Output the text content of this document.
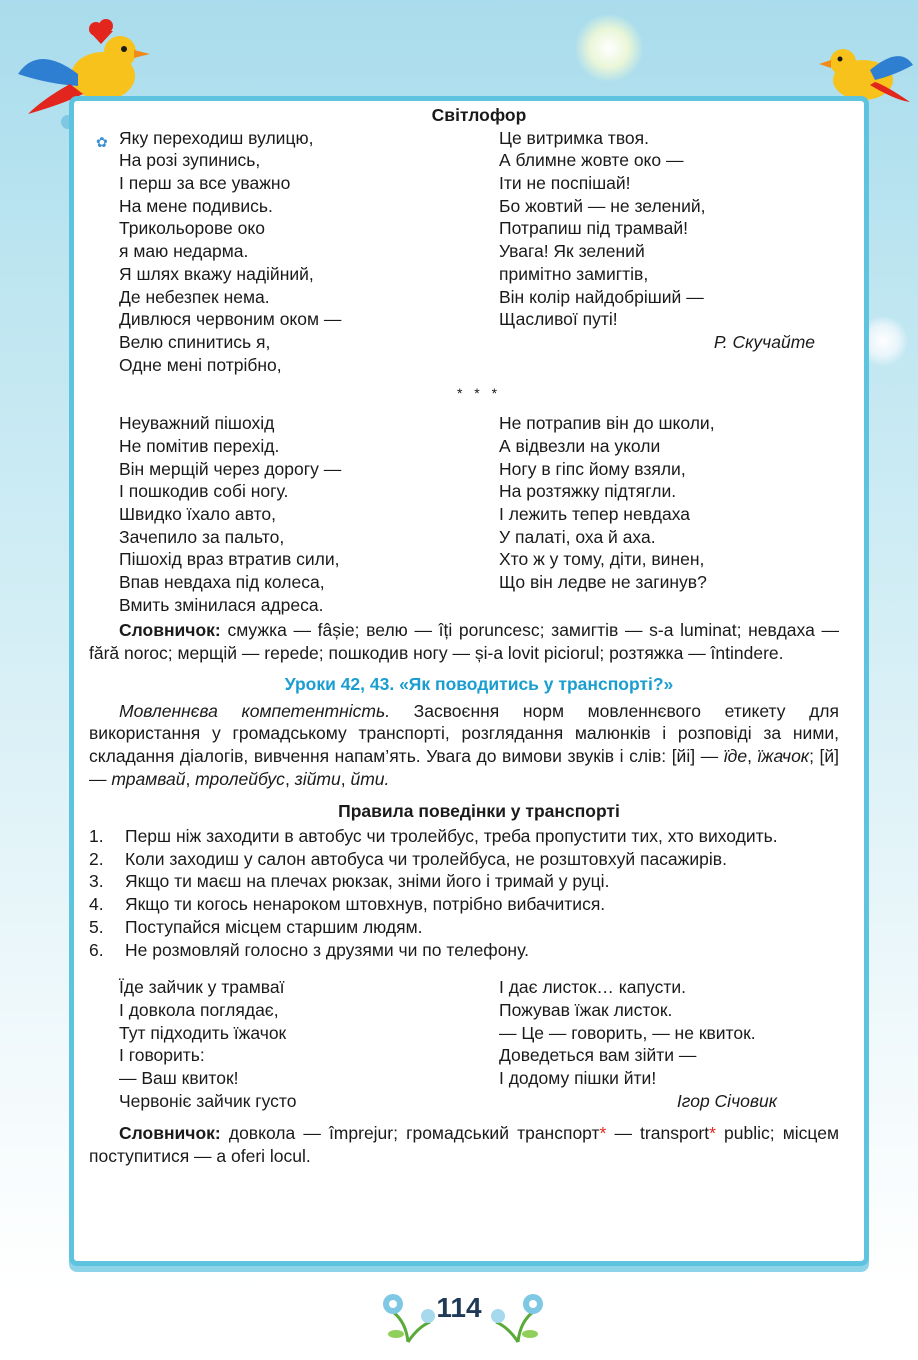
✿
Світлофор
Яку переходиш вулицю,
На розі зупинись,
І перш за все уважно
На мене подивись.
Трикольорове око
я маю недарма.
Я шлях вкажу надійний,
Де небезпек нема.
Дивлюся червоним оком —
Велю спинитись я,
Одне мені потрібно,
Це витримка твоя.
А блимне жовте око —
Іти не поспішай!
Бо жовтий — не зелений,
Потрапиш під трамвай!
Увага! Як зелений
примітно замигтів,
Він колір найдобріший —
Щасливої путі!
Р. Скучайте
* * *
Неуважний пішохід
Не помітив перехід.
Він мерщій через дорогу —
І пошкодив собі ногу.
Швидко їхало авто,
Зачепило за пальто,
Пішохід враз втратив сили,
Впав невдаха під колеса,
Вмить змінилася адреса.
Не потрапив він до школи,
А відвезли на уколи
Ногу в гіпс йому взяли,
На розтяжку підтягли.
І лежить тепер невдаха
У палаті, оха й аха.
Хто ж у тому, діти, винен,
Що він ледве не загинув?
Словничок: смужка — fâșie; велю — îți poruncesc; замигтів — s-a luminat; невдаха — fără noroc; мерщій — repede; пошкодив ногу — și-a lovit piciorul; розтяжка — întindere.
Уроки 42, 43. «Як поводитись у транспорті?»
Мовленнєва компетентність. Засвоєння норм мовленнєвого етикету для використання у громадському транспорті, розглядання малюнків і розповіді за ними, складання діалогів, вивчення напам’ять. Увага до вимови звуків і слів: [йі] — їде, їжачок; [й] — трамвай, тролейбус, зійти, йти.
Правила поведінки у транспорті
1.	Перш ніж заходити в автобус чи тролейбус, треба пропустити тих, хто виходить.
2.	Коли заходиш у салон автобуса чи тролейбуса, не розштовхуй пасажирів.
3.	Якщо ти маєш на плечах рюкзак, зніми його і тримай у руці.
4.	Якщо ти когось ненароком штовхнув, потрібно вибачитися.
5.	Поступайся місцем старшим людям.
6.	Не розмовляй голосно з друзями чи по телефону.
Їде зайчик у трамваї
І довкола поглядає,
Тут підходить їжачок
І говорить:
— Ваш квиток!
Червоніє зайчик густо
І дає листок… капусти.
Пожував їжак листок.
— Це — говорить, — не квиток.
Доведеться вам зійти —
І додому пішки йти!
Ігор Січовик
Словничок: довкола — împrejur; громадський транспорт* — transport* public; місцем поступитися — a oferi locul.
114
